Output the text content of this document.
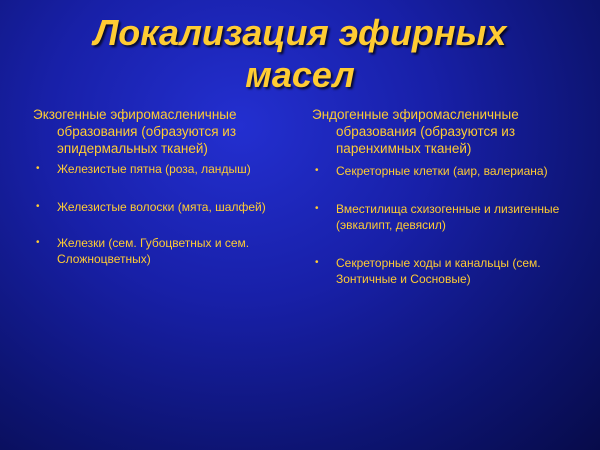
Локализация эфирных
масел
Экзогенные эфиромасленичные
образования (образуются из эпидермальных тканей)
• Железистые пятна (роза, ландыш)
• Железистые волоски (мята, шалфей)
• Железки (сем. Губоцветных и сем. Сложноцветных)
Эндогенные эфиромасленичные
образования (образуются из паренхимных тканей)
• Секреторные клетки (аир, валериана)
• Вместилища схизогенные и лизигенные (эвкалипт, девясил)
• Секреторные ходы и канальцы (сем. Зонтичные и Сосновые)
